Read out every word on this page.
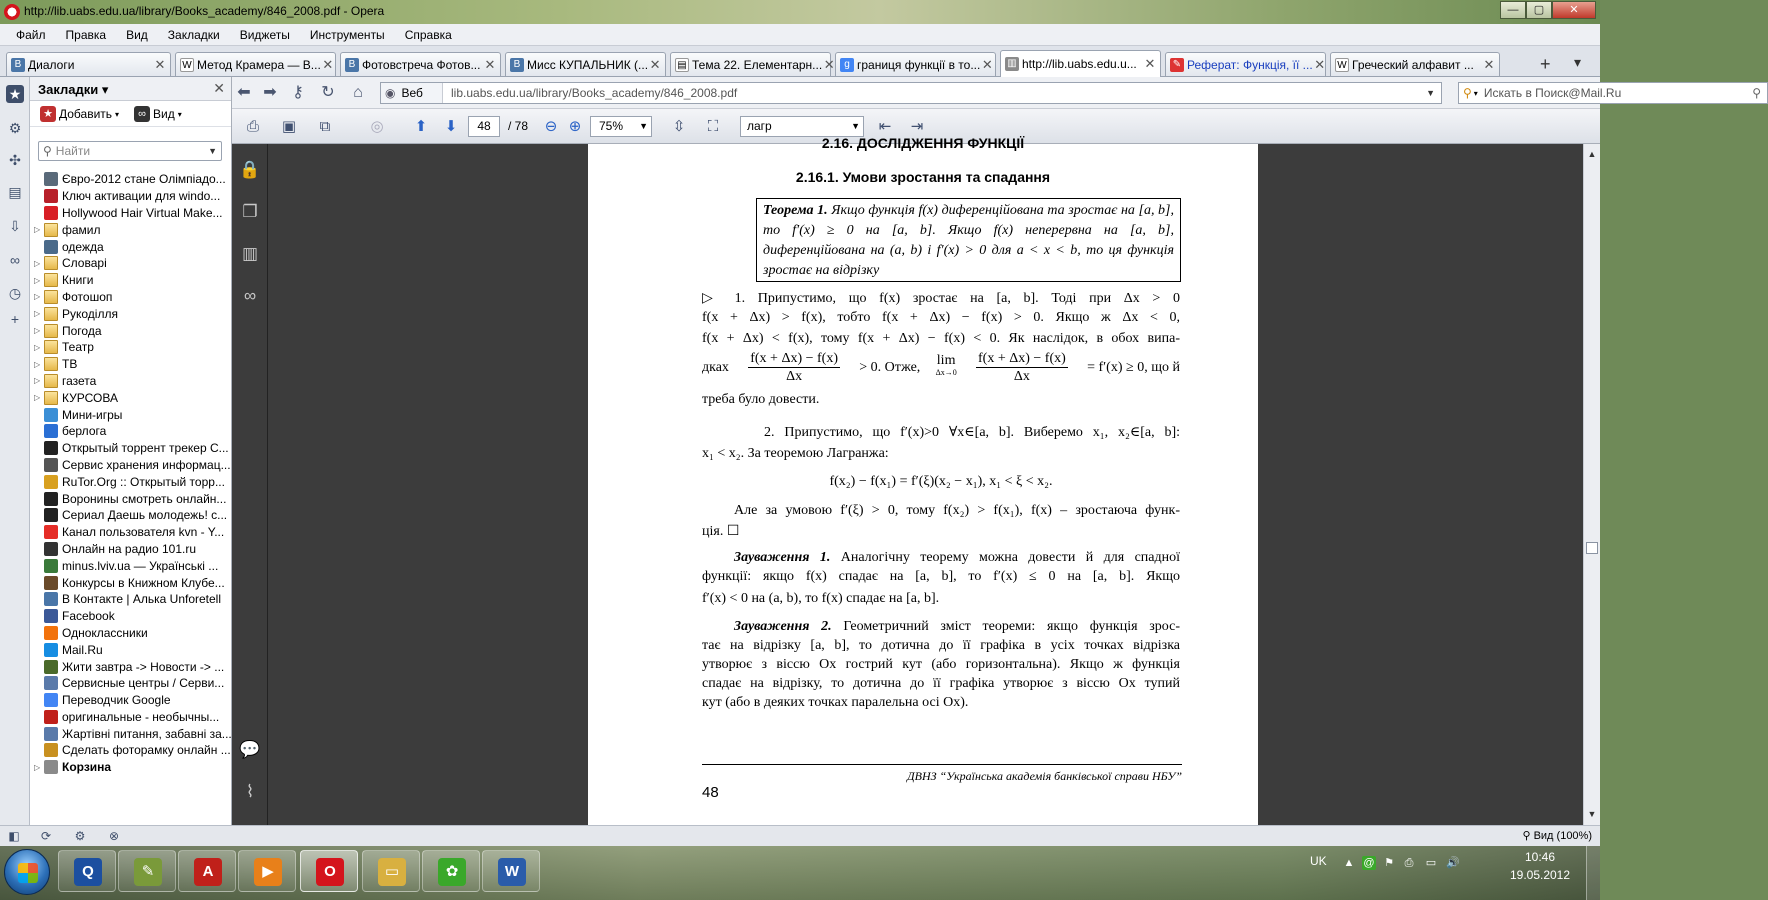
http://lib.uabs.edu.ua/library/Books_academy/846_2008.pdf - Opera	—	▢	✕
Файл	Правка	Вид	Закладки	Виджеты	Инструменты	Справка
B Диалоги	✕ W Метод Крамера — В... ✕	B Фотовстреча Фотов... ✕	B Мисс КУПАЛЬНИК (... ✕ ▤ Тема 22. Елементарн... ✕ g границя функції в то... ✕ ▥ http://lib.uabs.edu.u... ✕ ✎ Реферат: Функція, її ... ✕ W Греческий алфавит ... ✕	+ ▾
★
⚙
✣
▤
⇩
∞
◷
+
Закладки ▾	✕
★ Добавить ▾	∞ Вид ▾
⚲ Найти	▼
Євро-2012 стане Олімпіадо...
Ключ активации для windo...
Hollywood Hair Virtual Make...
▷	фамил
одежда
▷	Словарі
▷	Книги
▷	Фотошоп
▷	Рукоділля
▷	Погода
▷	Театр
▷	ТВ
▷	газета
▷	КУРСОВА
Мини-игры
берлога
Открытый торрент трекер С...
Сервис хранения информац...
RuTor.Org :: Открытый торр...
Воронины смотреть онлайн...
Сериал Даешь молодежь! с...
Канал пользователя kvn - Y...
Онлайн на радио 101.ru
minus.lviv.ua — Українські ...
Конкурсы в Книжном Клубе...
В Контакте | Алька Unforetell
Facebook
Одноклассники
Mail.Ru
Жити завтра -> Новости -> ...
Сервисные центры / Серви...
Переводчик Google
оригинальные - необычны...
Жартівні питання, забавні за...
Сделать фоторамку онлайн ...
▷	Корзина
⬅ ➡ ⚷ ↻	⌂	◉ Веб lib.uabs.edu.ua/library/Books_academy/846_2008.pdf	▼ ⚲ ▾ Искать в Поиск@Mail.Ru	⚲
⎙	▣	⧉	◎	⬆	⬇	48	/ 78	⊖ ⊕	75% ▼	⇳	⛶	лагр	▼	⇤	⇥
🔒
❐
▥
∞
💬
⌇
2.16. ДОСЛІДЖЕННЯ ФУНКЦІЇ
2.16.1. Умови зростання та спадання
Теорема 1. Якщо функція f(x) диференційована та зростає на [a, b], то f′(x) ≥ 0 на [a, b]. Якщо f(x) неперервна на [a, b], диференційована на (a, b) і f′(x) > 0 для a < x < b, то ця функція зростає на відрізку
▷ 1. Припустимо, що f(x) зростає на [a, b]. Тоді при Δx > 0
f(x + Δx) > f(x), тобто f(x + Δx) − f(x) > 0. Якщо ж Δx < 0,
f(x + Δx) < f(x), тому f(x + Δx) − f(x) < 0. Як наслідок, в обох випа-
дках $\frac{f(x + \Delta x) - f(x)}{\Delta x} > 0$. Отже, lim
$\Delta x\to 0 \frac{f(x + \Delta x) - f(x)}{\Delta x} = f'(x) \ge 0$, що й
треба було довести.
2. Припустимо, що f′(x)>0 ∀x∈[a, b]. Виберемо x₁, x₂∈[a, b]:
x₁ < x₂. За теоремою Лагранжа:
f(x₂) − f(x₁) = f′(ξ)(x₂ − x₁), x₁ < ξ < x₂.
Але за умовою f′(ξ) > 0, тому f(x₂) > f(x₁), f(x) – зростаюча функ-
ція. ☐
Зауваження 1. Аналогічну теорему можна довести й для спадної
функції: якщо f(x) спадає на [a, b], то f′(x) ≤ 0 на [a, b]. Якщо
f′(x) < 0 на (a, b), то f(x) спадає на [a, b].
Зауваження 2. Геометричний зміст теореми: якщо функція зрос-
тає на відрізку [a, b], то дотична до її графіка в усіх точках відрізка
утворює з віссю Ox гострий кут (або горизонтальна). Якщо ж функція
спадає на відрізку, то дотична до її графіка утворює з віссю Ox тупий
кут (або в деяких точках паралельна осі Ox).
ДВНЗ “Українська академія банківської справи НБУ”
48
▲
▼
◧ ⟳ ⚙ ⊗	⚲ Вид (100%)
Q	✎	A	▶	O	▭	✿	W
UK ▲ @ ⚑ ⎙ ▭ 🔊	10:46
19.05.2012
